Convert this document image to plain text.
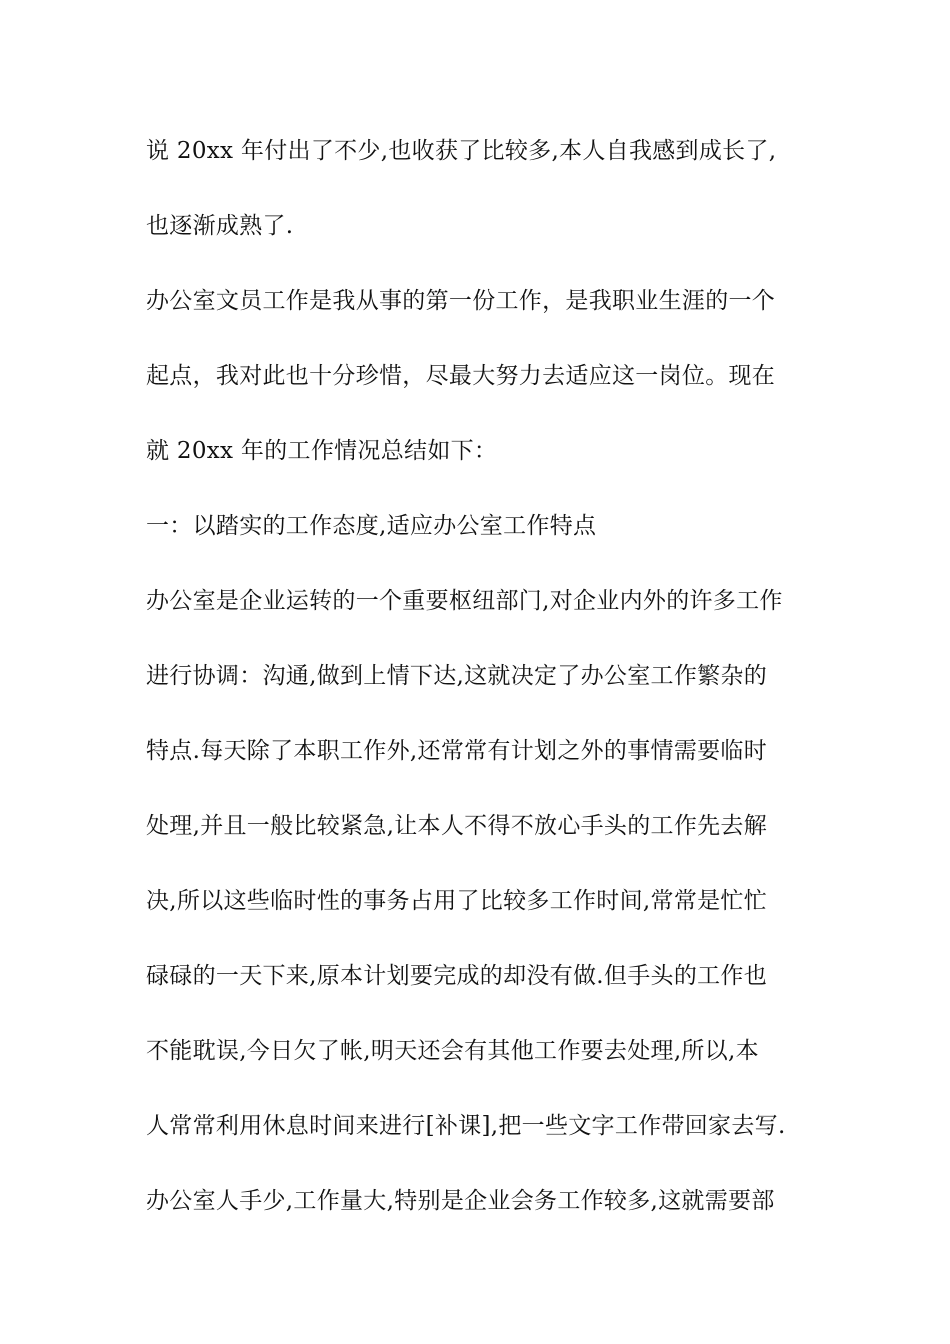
说 20xx 年付出了不少,也收获了比较多,本人自我感到成长了,

也逐渐成熟了.

办公室文员工作是我从事的第一份工作，是我职业生涯的一个

起点，我对此也十分珍惜，尽最大努力去适应这一岗位。现在

就 20xx 年的工作情况总结如下：

一：以踏实的工作态度,适应办公室工作特点

办公室是企业运转的一个重要枢纽部门,对企业内外的许多工作

进行协调：沟通,做到上情下达,这就决定了办公室工作繁杂的

特点.每天除了本职工作外,还常常有计划之外的事情需要临时

处理,并且一般比较紧急,让本人不得不放心手头的工作先去解

决,所以这些临时性的事务占用了比较多工作时间,常常是忙忙

碌碌的一天下来,原本计划要完成的却没有做.但手头的工作也

不能耽误,今日欠了帐,明天还会有其他工作要去处理,所以,本

人常常利用休息时间来进行[补课],把一些文字工作带回家去写.

办公室人手少,工作量大,特别是企业会务工作较多,这就需要部
